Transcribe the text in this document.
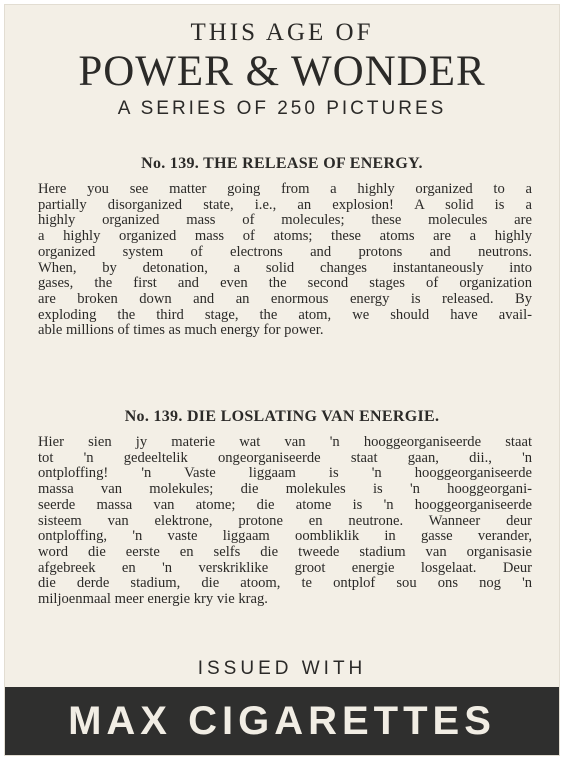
THIS AGE OF
POWER & WONDER
A SERIES OF 250 PICTURES
No. 139. THE RELEASE OF ENERGY.
Here you see matter going from a highly organized to a
partially disorganized state, i.e., an explosion! A solid is a
highly organized mass of molecules; these molecules are
a highly organized mass of atoms; these atoms are a highly
organized system of electrons and protons and neutrons.
When, by detonation, a solid changes instantaneously into
gases, the first and even the second stages of organization
are broken down and an enormous energy is released. By
exploding the third stage, the atom, we should have avail-
able millions of times as much energy for power.
No. 139. DIE LOSLATING VAN ENERGIE.
Hier sien jy materie wat van 'n hooggeorganiseerde staat
tot 'n gedeeltelik ongeorganiseerde staat gaan, dii., 'n
ontploffing! 'n Vaste liggaam is 'n hooggeorganiseerde
massa van molekules; die molekules is 'n hooggeorgani-
seerde massa van atome; die atome is 'n hooggeorganiseerde
sisteem van elektrone, protone en neutrone. Wanneer deur
ontploffing, 'n vaste liggaam oombliklik in gasse verander,
word die eerste en selfs die tweede stadium van organisasie
afgebreek en 'n verskriklike groot energie losgelaat. Deur
die derde stadium, die atoom, te ontplof sou ons nog 'n
miljoenmaal meer energie kry vie krag.
ISSUED WITH
MAX CIGARETTES
